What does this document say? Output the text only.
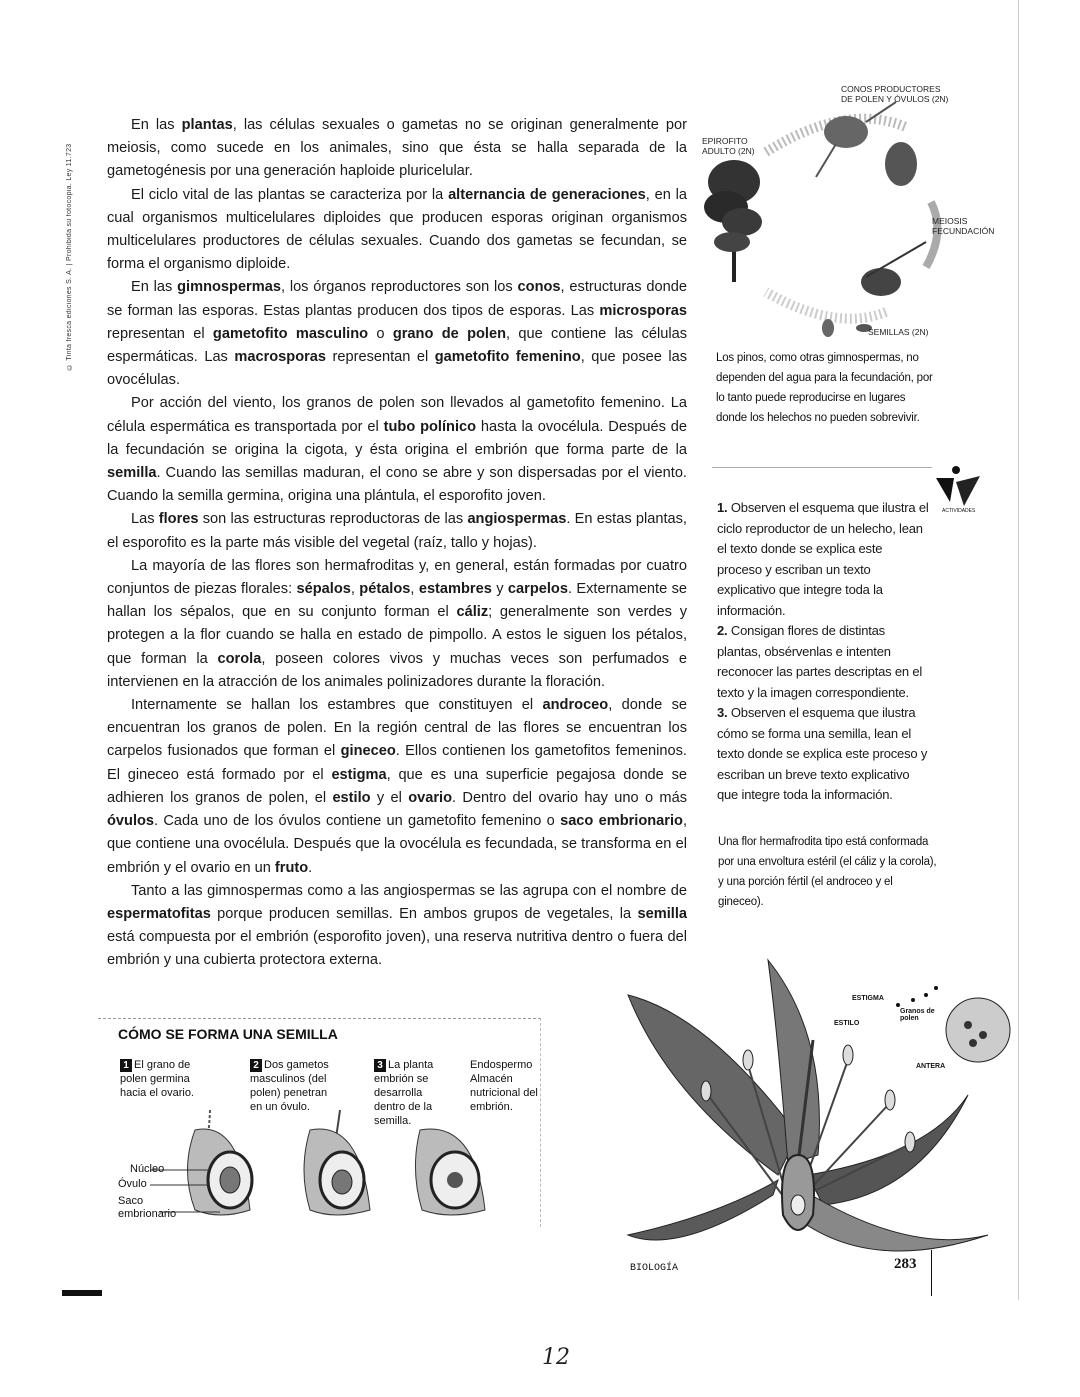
© Tinta fresca ediciones S. A. | Prohibida su fotocopia. Ley 11.723

En las plantas, las células sexuales o gametas no se originan generalmente por meiosis, como sucede en los animales, sino que ésta se halla separada de la gametogénesis por una generación haploide pluricelular.

El ciclo vital de las plantas se caracteriza por la alternancia de generaciones, en la cual organismos multicelulares diploides que producen esporas originan organismos multicelulares productores de células sexuales. Cuando dos gametas se fecundan, se forma el organismo diploide.

En las gimnospermas, los órganos reproductores son los conos, estructuras donde se forman las esporas. Estas plantas producen dos tipos de esporas. Las microsporas representan el gametofito masculino o grano de polen, que contiene las células espermáticas. Las macrosporas representan el gametofito femenino, que posee las ovocélulas.

Por acción del viento, los granos de polen son llevados al gametofito femenino. La célula espermática es transportada por el tubo polínico hasta la ovocélula. Después de la fecundación se origina la cigota, y ésta origina el embrión que forma parte de la semilla. Cuando las semillas maduran, el cono se abre y son dispersadas por el viento. Cuando la semilla germina, origina una plántula, el esporofito joven.

Las flores son las estructuras reproductoras de las angiospermas. En estas plantas, el esporofito es la parte más visible del vegetal (raíz, tallo y hojas).

La mayoría de las flores son hermafroditas y, en general, están formadas por cuatro conjuntos de piezas florales: sépalos, pétalos, estambres y carpelos. Externamente se hallan los sépalos, que en su conjunto forman el cáliz; generalmente son verdes y protegen a la flor cuando se halla en estado de pimpollo. A estos le siguen los pétalos, que forman la corola, poseen colores vivos y muchas veces son perfumados e intervienen en la atracción de los animales polinizadores durante la floración.

Internamente se hallan los estambres que constituyen el androceo, donde se encuentran los granos de polen. En la región central de las flores se encuentran los carpelos fusionados que forman el gineceo. Ellos contienen los gametofitos femeninos. El gineceo está formado por el estigma, que es una superficie pegajosa donde se adhieren los granos de polen, el estilo y el ovario. Dentro del ovario hay uno o más óvulos. Cada uno de los óvulos contiene un gametofito femenino o saco embrionario, que contiene una ovocélula. Después que la ovocélula es fecundada, se transforma en el embrión y el ovario en un fruto.

Tanto a las gimnospermas como a las angiospermas se las agrupa con el nombre de espermatofitas porque producen semillas. En ambos grupos de vegetales, la semilla está compuesta por el embrión (esporofito joven), una reserva nutritiva dentro o fuera del embrión y una cubierta protectora externa.

CONOS PRODUCTORES DE POLEN Y ÓVULOS (2N)
EPIROFITO ADULTO (2N)
MEIOSIS FECUNDACIÓN
SEMILLAS (2N)
Los pinos, como otras gimnospermas, no dependen del agua para la fecundación, por lo tanto puede reproducirse en lugares donde los helechos no pueden sobrevivir.
ACTIVIDADES
1. Observen el esquema que ilustra el ciclo reproductor de un helecho, lean el texto donde se explica este proceso y escriban un texto explicativo que integre toda la información.
2. Consigan flores de distintas plantas, obsérvenlas e intenten reconocer las partes descriptas en el texto y la imagen correspondiente.
3. Observen el esquema que ilustra cómo se forma una semilla, lean el texto donde se explica este proceso y escriban un breve texto explicativo que integre toda la información.
Una flor hermafrodita tipo está conformada por una envoltura estéril (el cáliz y la corola), y una porción fértil (el androceo y el gineceo).
CÓMO SE FORMA UNA SEMILLA
1 El grano de polen germina hacia el ovario.
2 Dos gametos masculinos (del polen) penetran en un óvulo.
3 La planta embrión se desarrolla dentro de la semilla.
Endospermo Almacén nutricional del embrión.
Núcleo
Óvulo
Saco embrionario
ESTIGMA
ESTILO
Granos de polen
ANTERA
BIOLOGÍA	283
12
